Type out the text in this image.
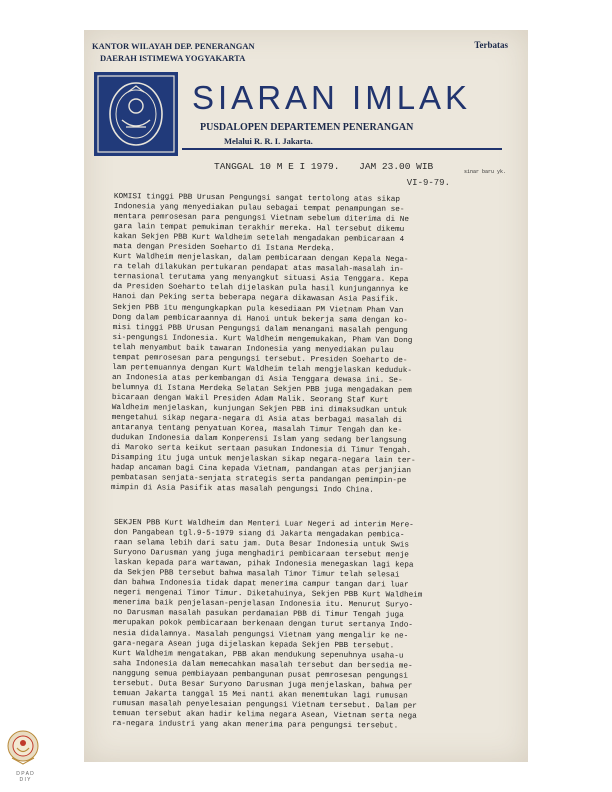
KANTOR WILAYAH DEP. PENERANGAN
DAERAH ISTIMEWA YOGYAKARTA
Terbatas
SIARAN IMLAK
PUSDALOPEN DEPARTEMEN PENERANGAN
Melalui R. R. I. Jakarta.
TANGGAL 10 M E I 1979. JAM 23.00 WIB	sinar baru yk.
VI-9-79.

KOMISI tinggi PBB Urusan Pengungsi sangat tertolong atas sikap

Indonesia yang menyediakan pulau sebagai tempat penampungan se-

mentara pemrosesan para pengungsi Vietnam sebelum diterima di Ne

gara lain tempat pemukiman terakhir mereka. Hal tersebut dikemu

kakan Sekjen PBB Kurt Waldheim setelah mengadakan pembicaraan 4

mata dengan Presiden Soeharto di Istana Merdeka.

Kurt Waldheim menjelaskan, dalam pembicaraan dengan Kepala Nega-

ra telah dilakukan pertukaran pendapat atas masalah-masalah in-

ternasional terutama yang menyangkut situasi Asia Tenggara. Kepa

da Presiden Soeharto telah dijelaskan pula hasil kunjungannya ke

Hanoi dan Peking serta beberapa negara dikawasan Asia Pasifik.

Sekjen PBB itu mengungkapkan pula kesediaan PM Vietnam Pham Van

Dong dalam pembicaraannya di Hanoi untuk bekerja sama dengan ko-

misi tinggi PBB Urusan Pengungsi dalam menangani masalah pengung

si-pengungsi Indonesia. Kurt Waldheim mengemukakan, Pham Van Dong

telah menyambut baik tawaran Indonesia yang menyediakan pulau

tempat pemrosesan para pengungsi tersebut. Presiden Soeharto de-

lam pertemuannya dengan Kurt Waldheim telah mengjelaskan keduduk-

an Indonesia atas perkembangan di Asia Tenggara dewasa ini. Se-

belumnya di Istana Merdeka Selatan Sekjen PBB juga mengadakan pem

bicaraan dengan Wakil Presiden Adam Malik. Seorang Staf Kurt

Waldheim menjelaskan, kunjungan Sekjen PBB ini dimaksudkan untuk

mengetahui sikap negara-negara di Asia atas berbagai masalah di

antaranya tentang penyatuan Korea, masalah Timur Tengah dan ke-

dudukan Indonesia dalam Konperensi Islam yang sedang berlangsung

di Maroko serta keikut sertaan pasukan Indonesia di Timur Tengah.

Disamping itu juga untuk menjelaskan sikap negara-negara lain ter-

hadap ancaman bagi Cina kepada Vietnam, pandangan atas perjanjian

pembatasan senjata-senjata strategis serta pandangan pemimpin-pe

mimpin di Asia Pasifik atas masalah pengungsi Indo China.

SEKJEN PBB Kurt Waldheim dan Menteri Luar Negeri ad interim Mere-

don Pangabean tgl.9-5-1979 siang di Jakarta mengadakan pembica-

raan selama lebih dari satu jam. Duta Besar Indonesia untuk Swis

Suryono Darusman yang juga menghadiri pembicaraan tersebut menje

laskan kepada para wartawan, pihak Indonesia menegaskan lagi kepa

da Sekjen PBB tersebut bahwa masalah Timor Timur telah selesai

dan bahwa Indonesia tidak dapat menerima campur tangan dari luar

negeri mengenai Timor Timur. Diketahuinya, Sekjen PBB Kurt Waldheim

menerima baik penjelasan-penjelasan Indonesia itu. Menurut Suryo-

no Darusman masalah pasukan perdamaian PBB di Timur Tengah juga

merupakan pokok pembicaraan berkenaan dengan turut sertanya Indo-

nesia didalamnya. Masalah pengungsi Vietnam yang mengalir ke ne-

gara-negara Asean juga dijelaskan kepada Sekjen PBB tersebut.

Kurt Waldheim mengatakan, PBB akan mendukung sepenuhnya usaha-u

saha Indonesia dalam memecahkan masalah tersebut dan bersedia me-

nanggung semua pembiayaan pembangunan pusat pemrosesan pengungsi

tersebut. Duta Besar Suryono Darusman juga menjelaskan, bahwa per

temuan Jakarta tanggal 15 Mei nanti akan menemtukan lagi rumusan

rumusan masalah penyelesaian pengungsi Vietnam tersebut. Dalam per

temuan tersebut akan hadir kelima negara Asean, Vietnam serta nega

ra-negara industri yang akan menerima para pengungsi tersebut.

D P A D
D I Y
